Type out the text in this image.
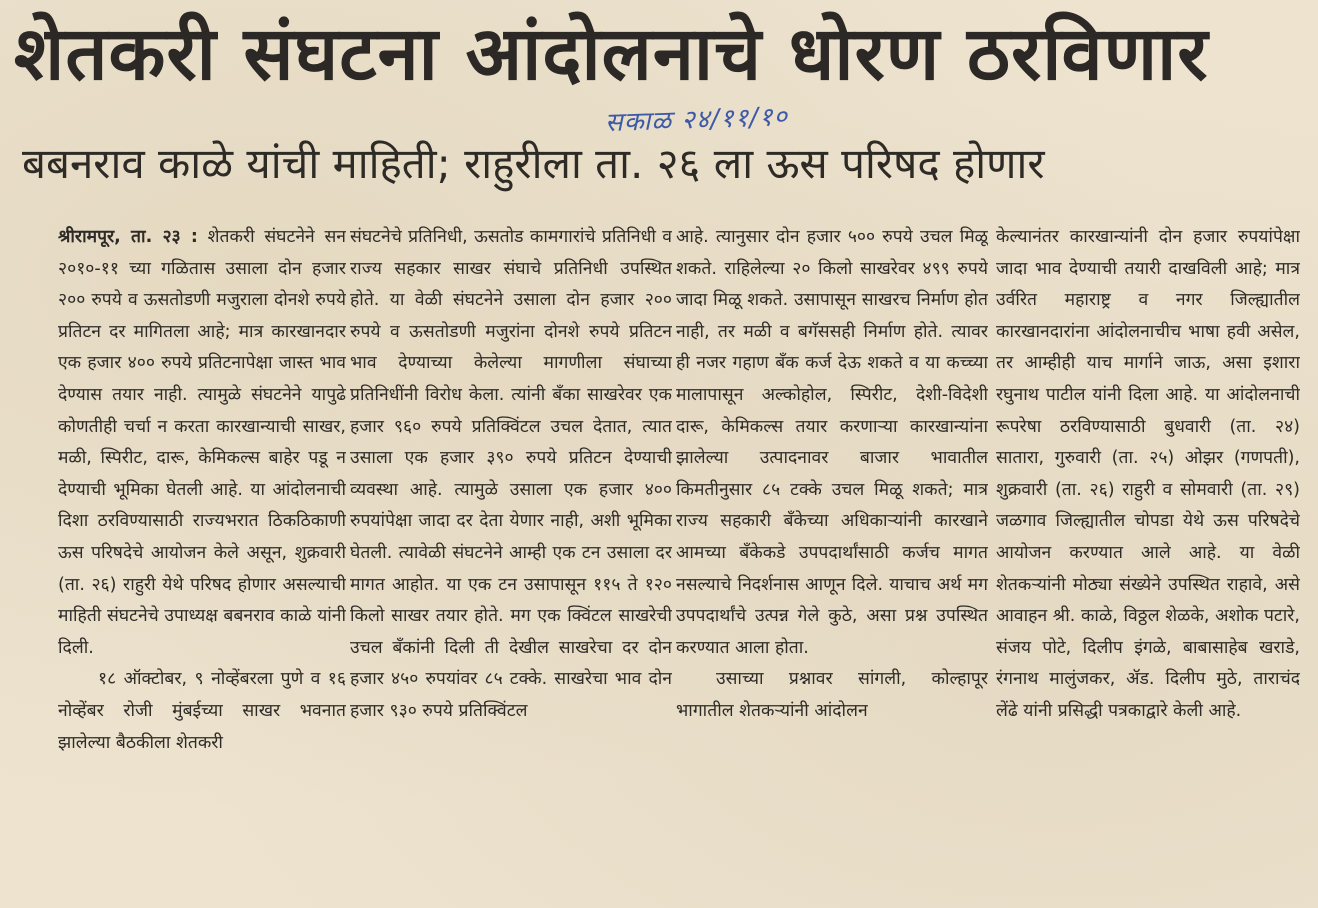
शेतकरी संघटना आंदोलनाचे धोरण ठरविणार
सकाळ २४/११/१०
बबनराव काळे यांची माहिती; राहुरीला ता. २६ ला ऊस परिषद होणार

श्रीरामपूर, ता. २३ : शेतकरी संघटनेने सन २०१०-११ च्या गळितास उसाला दोन हजार २०० रुपये व ऊसतोडणी मजुराला दोनशे रुपये प्रतिटन दर मागितला आहे; मात्र कारखानदार एक हजार ४०० रुपये प्रतिटनापेक्षा जास्त भाव देण्यास तयार नाही. त्यामुळे संघटनेने यापुढे कोणतीही चर्चा न करता कारखान्याची साखर, मळी, स्पिरीट, दारू, केमिकल्स बाहेर पडू न देण्याची भूमिका घेतली आहे. या आंदोलनाची दिशा ठरविण्यासाठी राज्यभरात ठिकठिकाणी ऊस परिषदेचे आयोजन केले असून, शुक्रवारी (ता. २६) राहुरी येथे परिषद होणार असल्याची माहिती संघटनेचे उपाध्यक्ष बबनराव काळे यांनी दिली.

१८ ऑक्टोबर, ९ नोव्हेंबरला पुणे व १६ नोव्हेंबर रोजी मुंबईच्या साखर भवनात झालेल्या बैठकीला शेतकरी

संघटनेचे प्रतिनिधी, ऊसतोड कामगारांचे प्रतिनिधी व राज्य सहकार साखर संघाचे प्रतिनिधी उपस्थित होते. या वेळी संघटनेने उसाला दोन हजार २०० रुपये व ऊसतोडणी मजुरांना दोनशे रुपये प्रतिटन भाव देण्याच्या केलेल्या मागणीला संघाच्या प्रतिनिधींनी विरोध केला. त्यांनी बँका साखरेवर एक हजार ९६० रुपये प्रतिक्विंटल उचल देतात, त्यात उसाला एक हजार ३९० रुपये प्रतिटन देण्याची व्यवस्था आहे. त्यामुळे उसाला एक हजार ४०० रुपयांपेक्षा जादा दर देता येणार नाही, अशी भूमिका घेतली. त्यावेळी संघटनेने आम्ही एक टन उसाला दर मागत आहोत. या एक टन उसापासून ११५ ते १२० किलो साखर तयार होते. मग एक क्विंटल साखरेची उचल बँकांनी दिली ती देखील साखरेचा दर दोन हजार ४५० रुपयांवर ८५ टक्के. साखरेचा भाव दोन हजार ९३० रुपये प्रतिक्विंटल

आहे. त्यानुसार दोन हजार ५०० रुपये उचल मिळू शकते. राहिलेल्या २० किलो साखरेवर ४९९ रुपये जादा मिळू शकते. उसापासून साखरच निर्माण होत नाही, तर मळी व बगॅससही निर्माण होते. त्यावर ही नजर गहाण बँक कर्ज देऊ शकते व या कच्च्या मालापासून अल्कोहोल, स्पिरीट, देशी-विदेशी दारू, केमिकल्स तयार करणाऱ्या कारखान्यांना झालेल्या उत्पादनावर बाजार भावातील किमतीनुसार ८५ टक्के उचल मिळू शकते; मात्र राज्य सहकारी बँकेच्या अधिकाऱ्यांनी कारखाने आमच्या बँकेकडे उपपदार्थांसाठी कर्जच मागत नसल्याचे निदर्शनास आणून दिले. याचाच अर्थ मग उपपदार्थांचे उत्पन्न गेले कुठे, असा प्रश्न उपस्थित करण्यात आला होता.

उसाच्या प्रश्नावर सांगली, कोल्हापूर भागातील शेतकऱ्यांनी आंदोलन

केल्यानंतर कारखान्यांनी दोन हजार रुपयांपेक्षा जादा भाव देण्याची तयारी दाखविली आहे; मात्र उर्वरित महाराष्ट्र व नगर जिल्ह्यातील कारखानदारांना आंदोलनाचीच भाषा हवी असेल, तर आम्हीही याच मार्गाने जाऊ, असा इशारा रघुनाथ पाटील यांनी दिला आहे. या आंदोलनाची रूपरेषा ठरविण्यासाठी बुधवारी (ता. २४) सातारा, गुरुवारी (ता. २५) ओझर (गणपती), शुक्रवारी (ता. २६) राहुरी व सोमवारी (ता. २९) जळगाव जिल्ह्यातील चोपडा येथे ऊस परिषदेचे आयोजन करण्यात आले आहे. या वेळी शेतकऱ्यांनी मोठ्या संख्येने उपस्थित राहावे, असे आवाहन श्री. काळे, विठ्ठल शेळके, अशोक पटारे, संजय पोटे, दिलीप इंगळे, बाबासाहेब खराडे, रंगनाथ मालुंजकर, ॲड. दिलीप मुठे, ताराचंद लेंढे यांनी प्रसिद्धी पत्रकाद्वारे केली आहे.
